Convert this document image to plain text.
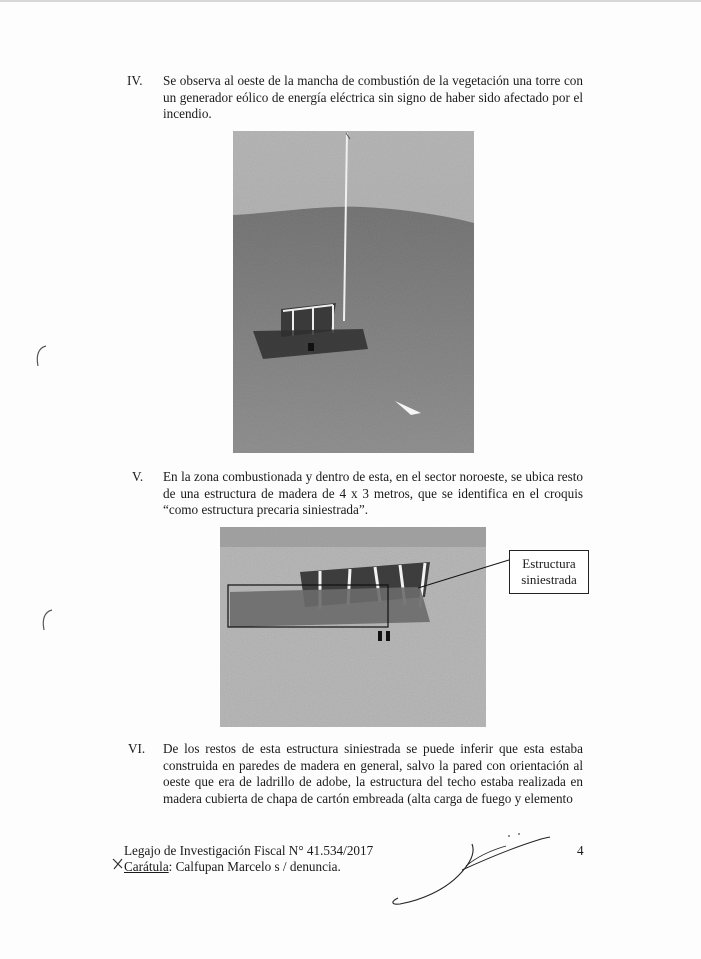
IV.	Se observa al oeste de la mancha de combustión de la vegetación una torre con un generador eólico de energía eléctrica sin signo de haber sido afectado por el incendio.
V.	En la zona combustionada y dentro de esta, en el sector noroeste, se ubica resto de una estructura de madera de 4 x 3 metros, que se identifica en el croquis “como estructura precaria siniestrada”.
Estructura
siniestrada
VI.	De los restos de esta estructura siniestrada se puede inferir que esta estaba construida en paredes de madera en general, salvo la pared con orientación al oeste que era de ladrillo de adobe, la estructura del techo estaba realizada en madera cubierta de chapa de cartón embreada (alta carga de fuego y elemento
Legajo de Investigación Fiscal N° 41.534/2017
Carátula: Calfupan Marcelo s / denuncia.
4
